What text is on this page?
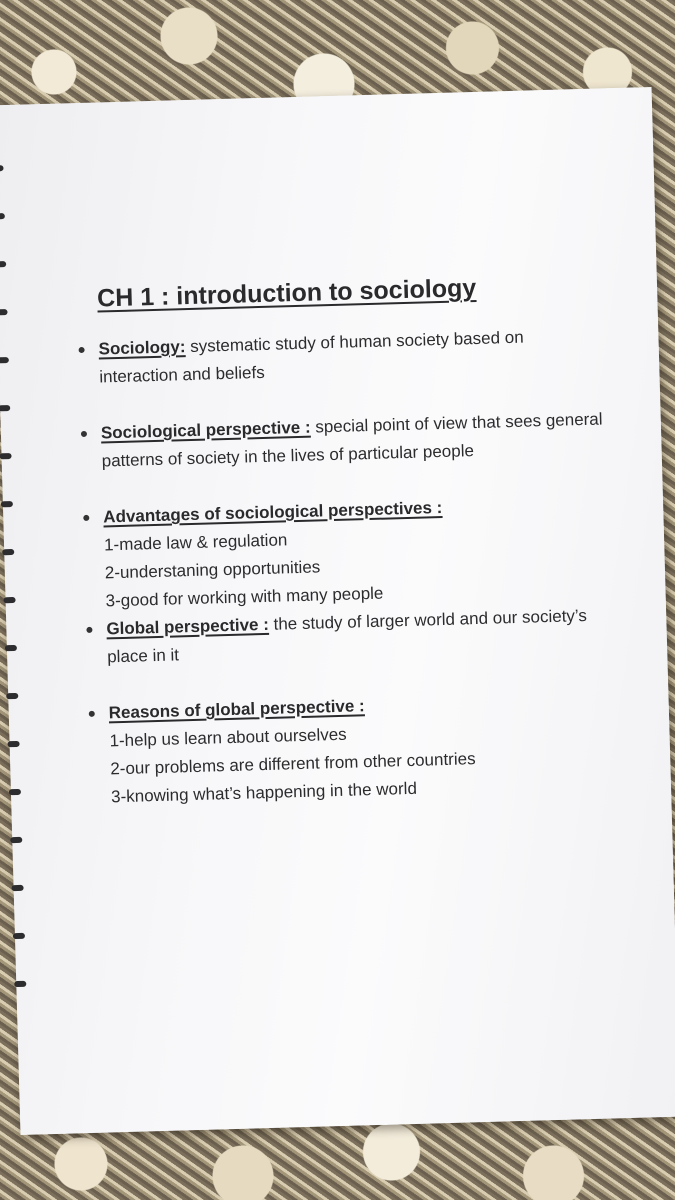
CH 1 : introduction to sociology
Sociology: systematic study of human society based on interaction and beliefs
Sociological perspective : special point of view that sees general patterns of society in the lives of particular people
Advantages of sociological perspectives :
1-made law & regulation
2-understaning opportunities
3-good for working with many people
Global perspective : the study of larger world and our society’s place in it
Reasons of global perspective :
1-help us learn about ourselves
2-our problems are different from other countries
3-knowing what’s happening in the world
